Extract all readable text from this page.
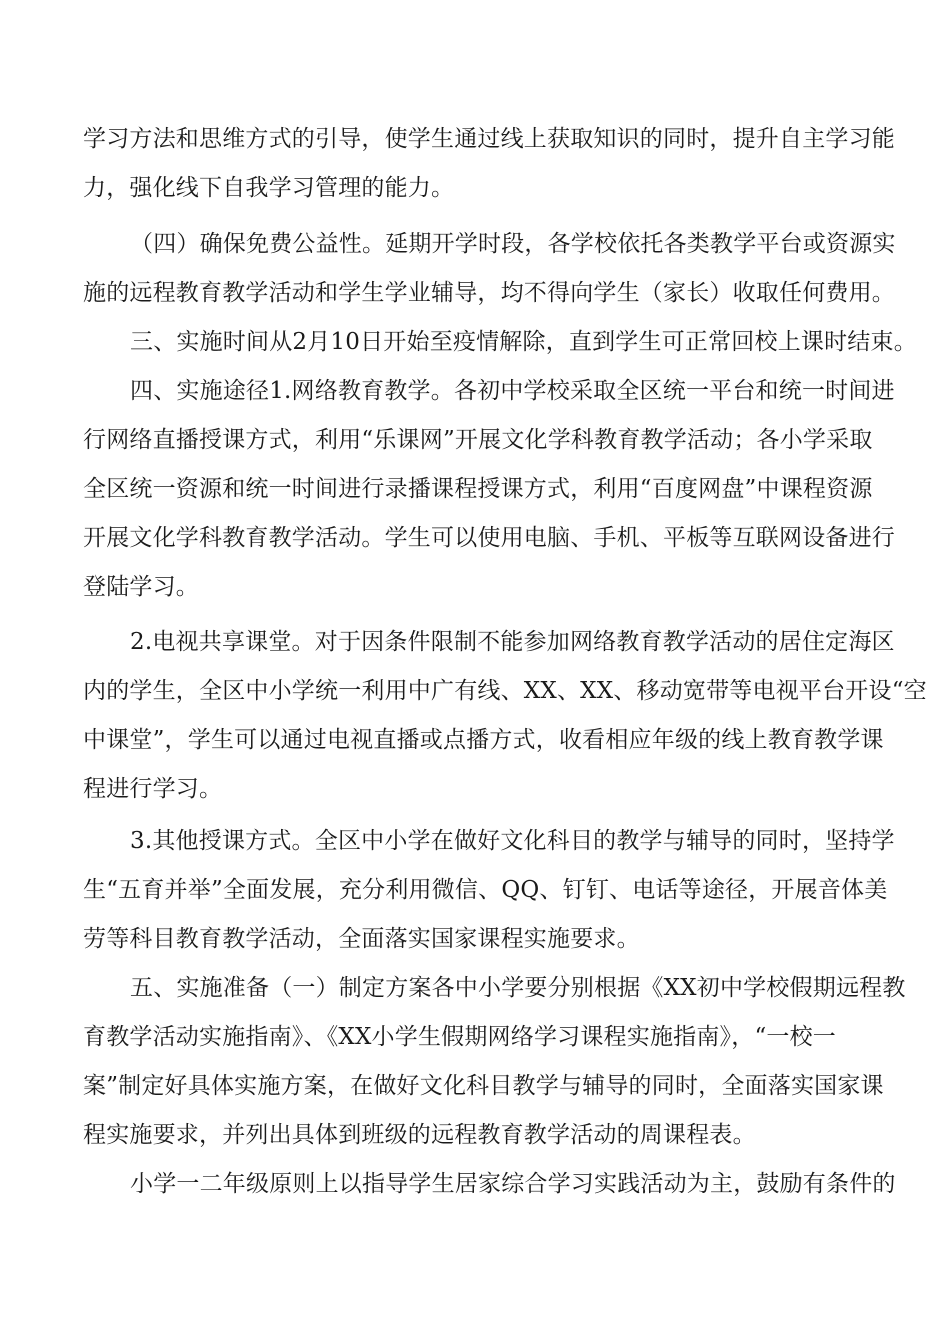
学习方法和思维方式的引导，使学生通过线上获取知识的同时，提升自主学习能
力，强化线下自我学习管理的能力。
（四）确保免费公益性。延期开学时段，各学校依托各类教学平台或资源实
施的远程教育教学活动和学生学业辅导，均不得向学生（家长）收取任何费用。
三、实施时间从2月10日开始至疫情解除，直到学生可正常回校上课时结束。
四、实施途径1.网络教育教学。各初中学校采取全区统一平台和统一时间进
行网络直播授课方式，利用“乐课网”开展文化学科教育教学活动；各小学采取
全区统一资源和统一时间进行录播课程授课方式，利用“百度网盘”中课程资源
开展文化学科教育教学活动。学生可以使用电脑、手机、平板等互联网设备进行
登陆学习。
2.电视共享课堂。对于因条件限制不能参加网络教育教学活动的居住定海区
内的学生，全区中小学统一利用中广有线、XX、XX、移动宽带等电视平台开设“空
中课堂”，学生可以通过电视直播或点播方式，收看相应年级的线上教育教学课
程进行学习。
3.其他授课方式。全区中小学在做好文化科目的教学与辅导的同时，坚持学
生“五育并举”全面发展，充分利用微信、QQ、钉钉、电话等途径，开展音体美
劳等科目教育教学活动，全面落实国家课程实施要求。
五、实施准备（一）制定方案各中小学要分别根据《XX初中学校假期远程教
育教学活动实施指南》、《XX小学生假期网络学习课程实施指南》，“一校一
案”制定好具体实施方案，在做好文化科目教学与辅导的同时，全面落实国家课
程实施要求，并列出具体到班级的远程教育教学活动的周课程表。
小学一二年级原则上以指导学生居家综合学习实践活动为主，鼓励有条件的
